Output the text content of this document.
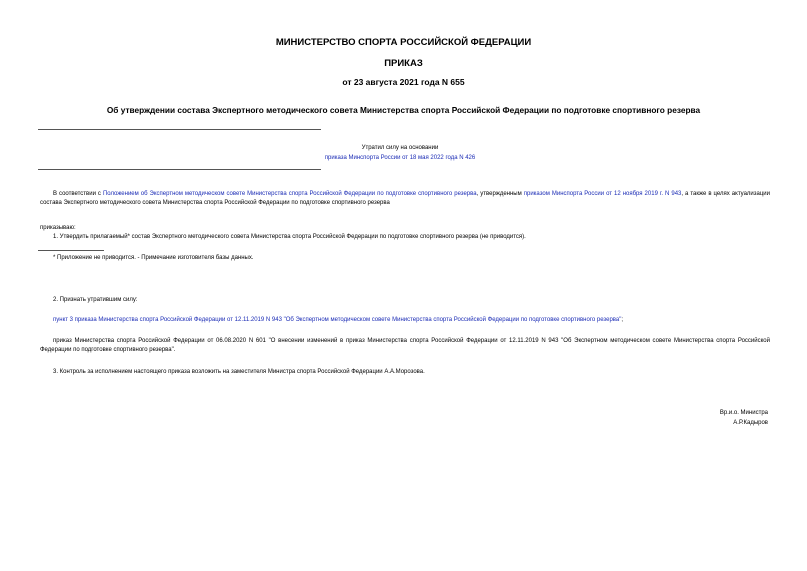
МИНИСТЕРСТВО СПОРТА РОССИЙСКОЙ ФЕДЕРАЦИИ
ПРИКАЗ
от 23 августа 2021 года N 655
Об утверждении состава Экспертного методического совета Министерства спорта Российской Федерации по подготовке спортивного резерва
Утратил силу на основании
приказа Минспорта России от 18 мая 2022 года N 426
В соответствии с Положением об Экспертном методическом совете Министерства спорта Российской Федерации по подготовке спортивного резерва, утвержденным приказом Минспорта России от 12 ноября 2019 г. N 943, а также в целях актуализации состава Экспертного методического совета Министерства спорта Российской Федерации по подготовке спортивного резерва
приказываю:
1. Утвердить прилагаемый* состав Экспертного методического совета Министерства спорта Российской Федерации по подготовке спортивного резерва (не приводится).
* Приложение не приводится. - Примечание изготовителя базы данных.
2. Признать утратившим силу:
пункт 3 приказа Министерства спорта Российской Федерации от 12.11.2019 N 943 "Об Экспертном методическом совете Министерства спорта Российской Федерации по подготовке спортивного резерва";
приказ Министерства спорта Российской Федерации от 06.08.2020 N 601 "О внесении изменений в приказ Министерства спорта Российской Федерации от 12.11.2019 N 943 "Об Экспертном методическом совете Министерства спорта Российской Федерации по подготовке спортивного резерва".
3. Контроль за исполнением настоящего приказа возложить на заместителя Министра спорта Российской Федерации А.А.Морозова.
Вр.и.о. Министра
А.Р.Кадыров
